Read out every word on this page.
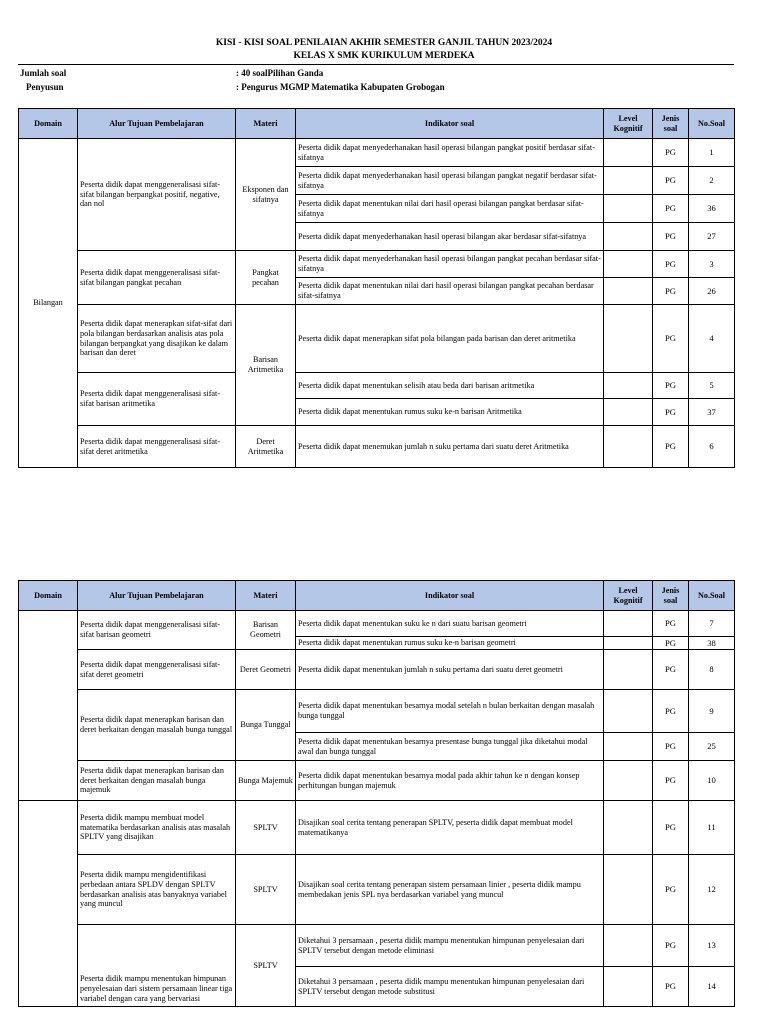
KISI - KISI SOAL PENILAIAN AKHIR SEMESTER GANJIL TAHUN 2023/2024
KELAS X SMK KURIKULUM MERDEKA
Jumlah soal	: 40 soalPilihan Ganda
Penyusun	: Pengurus MGMP Matematika Kabupaten Grobogan
Domain	Alur Tujuan Pembelajaran	Materi	Indikator soal	Level Kognitif	Jenis soal	No.Soal
Bilangan	Peserta didik dapat menggeneralisasi sifat-sifat bilangan berpangkat positif, negative, dan nol	Eksponen dan sifatnya	Peserta didik dapat menyederhanakan hasil operasi bilangan pangkat positif berdasar sifat-sifatnya		PG	1
			Peserta didik dapat menyederhanakan hasil operasi bilangan pangkat negatif berdasar sifat-sifatnya		PG	2
			Peserta didik dapat menentukan nilai dari hasil operasi bilangan pangkat berdasar sifat-sifatnya		PG	36
			Peserta didik dapat menyederhanakan hasil operasi bilangan akar berdasar sifat-sifatnya		PG	27
	Peserta didik dapat menggeneralisasi sifat-sifat bilangan pangkat pecahan	Pangkat pecahan	Peserta didik dapat menyederhanakan hasil operasi bilangan pangkat pecahan berdasar sifat-sifatnya		PG	3
			Peserta didik dapat menentukan nilai dari hasil operasi bilangan pangkat pecahan berdasar sifat-sifatnya		PG	26
	Peserta didik dapat menerapkan sifat-sifat dari pola bilangan berdasarkan analisis atas pola bilangan berpangkat yang disajikan ke dalam barisan dan deret	Barisan Aritmetika	Peserta didik dapat menerapkan sifat pola bilangan pada barisan dan deret aritmetika		PG	4
	Peserta didik dapat menggeneralisasi sifat-sifat barisan aritmetika		Peserta didik dapat menentukan selisih atau beda dari barisan aritmetika		PG	5
			Peserta didik dapat menentukan rumus suku ke-n barisan Aritmetika		PG	37
	Peserta didik dapat menggeneralisasi sifat-sifat deret aritmetika	Deret Aritmetika	Peserta didik dapat menemukan jumlah n suku pertama dari suatu deret Aritmetika		PG	6
Domain	Alur Tujuan Pembelajaran	Materi	Indikator soal	Level Kognitif	Jenis soal	No.Soal
	Peserta didik dapat menggeneralisasi sifat-sifat barisan geometri	Barisan Geometri	Peserta didik dapat menentukan suku ke n dari suatu barisan geometri		PG	7
			Peserta didik dapat menentukan rumus suku ke-n barisan geometri		PG	38
	Peserta didik dapat menggeneralisasi sifat-sifat deret geometri	Deret Geometri	Peserta didik dapat menentukan jumlah n suku pertama dari suatu deret geometri		PG	8
	Peserta didik dapat menerapkan barisan dan deret berkaitan dengan masalah bunga tunggal	Bunga Tunggal	Peserta didik dapat menentukan besarnya modal setelah n bulan berkaitan dengan masalah bunga tunggal		PG	9
			Peserta didik dapat menentukan besarnya presentase bunga tunggal jika diketahui modal awal dan bunga tunggal		PG	25
	Peserta didik dapat menerapkan barisan dan deret berkaitan dengan masalah bunga majemuk	Bunga Majemuk	Peserta didik dapat menentukan besarnya modal pada akhir tahun ke n dengan konsep perhitungan bungan majemuk		PG	10
	Peserta didik mampu membuat model matematika berdasarkan analisis atas masalah SPLTV yang disajikan	SPLTV	Disajikan soal cerita tentang penerapan SPLTV, peserta didik dapat membuat model matematikanya		PG	11
	Peserta didik mampu mengidentifikasi perbedaan antara SPLDV dengan SPLTV berdasarkan analisis atas banyaknya variabel yang muncul	SPLTV	Disajikan soal cerita tentang penerapan sistem persamaan linier , peserta didik mampu membedakan jenis SPL nya berdasarkan variabel yang muncul		PG	12
	Peserta didik mampu menentukan himpunan penyelesaian dari sistem persamaan linear tiga variabel dengan cara yang bervariasi	SPLTV	Diketahui 3 persamaan , peserta didik mampu menentukan himpunan penyelesaian dari SPLTV tersebut dengan metode eliminasi		PG	13
			Diketahui 3 persamaan , peserta didik mampu menentukan himpunan penyelesaian dari SPLTV tersebut dengan metode substitusi		PG	14
